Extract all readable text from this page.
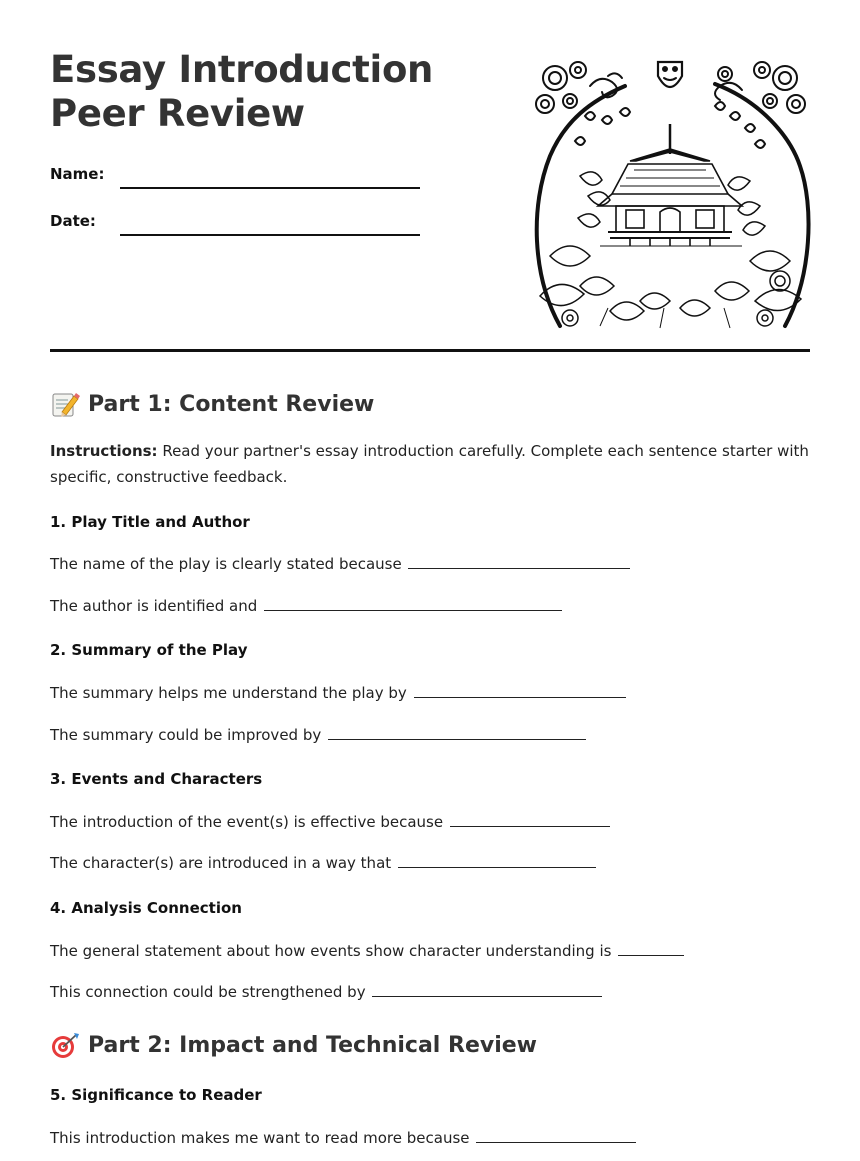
Essay Introduction Peer Review
Name:
Date:
Part 1: Content Review
Instructions: Read your partner's essay introduction carefully. Complete each sentence starter with specific, constructive feedback.
1. Play Title and Author
The name of the play is clearly stated because
The author is identified and
2. Summary of the Play
The summary helps me understand the play by
The summary could be improved by
3. Events and Characters
The introduction of the event(s) is effective because
The character(s) are introduced in a way that
4. Analysis Connection
The general statement about how events show character understanding is
This connection could be strengthened by
Part 2: Impact and Technical Review
5. Significance to Reader
This introduction makes me want to read more because
